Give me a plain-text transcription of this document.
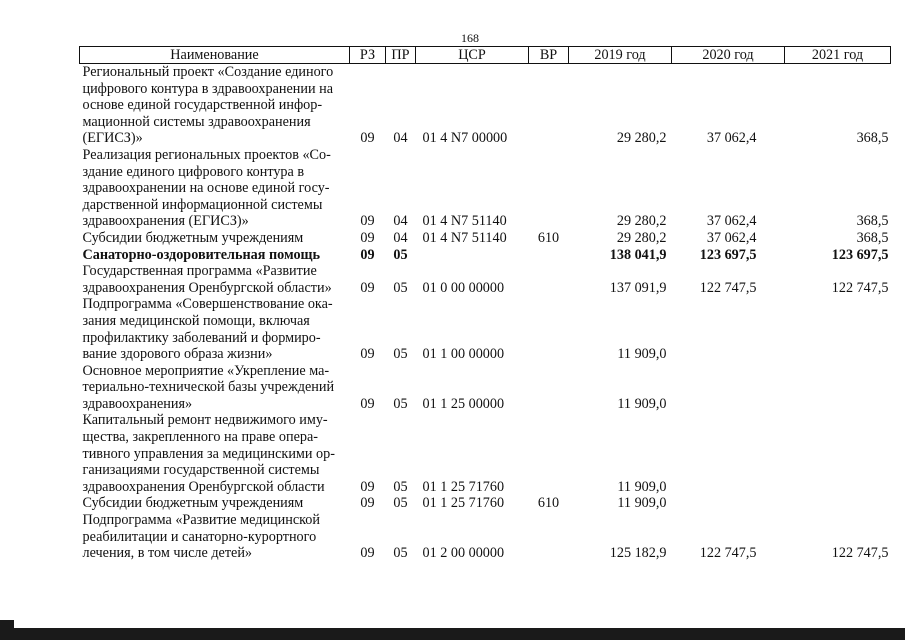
168
Наименование	РЗ	ПР	ЦСР	ВР	2019 год	2020 год	2021 год
Региональный проект «Создание единого цифрового контура в здравоохранении на основе единой государственной инфор-мационной системы здравоохранения (ЕГИСЗ)»	09	04	01 4 N7 00000		29 280,2	37 062,4	368,5
Реализация региональных проектов «Со-здание единого цифрового контура в здравоохранении на основе единой госу-дарственной информационной системы здравоохранения (ЕГИСЗ)»	09	04	01 4 N7 51140		29 280,2	37 062,4	368,5
Субсидии бюджетным учреждениям	09	04	01 4 N7 51140	610	29 280,2	37 062,4	368,5
Санаторно-оздоровительная помощь	09	05			138 041,9	123 697,5	123 697,5
Государственная программа «Развитие здравоохранения Оренбургской области»	09	05	01 0 00 00000		137 091,9	122 747,5	122 747,5
Подпрограмма «Совершенствование ока-зания медицинской помощи, включая профилактику заболеваний и формиро-вание здорового образа жизни»	09	05	01 1 00 00000		11 909,0		
Основное мероприятие «Укрепление ма-териально-технической базы учреждений здравоохранения»	09	05	01 1 25 00000		11 909,0		
Капитальный ремонт недвижимого иму-щества, закрепленного на праве опера-тивного управления за медицинскими ор-ганизациями государственной системы здравоохранения Оренбургской области	09	05	01 1 25 71760		11 909,0		
Субсидии бюджетным учреждениям	09	05	01 1 25 71760	610	11 909,0		
Подпрограмма «Развитие медицинской реабилитации и санаторно-курортного лечения, в том числе детей»	09	05	01 2 00 00000		125 182,9	122 747,5	122 747,5
